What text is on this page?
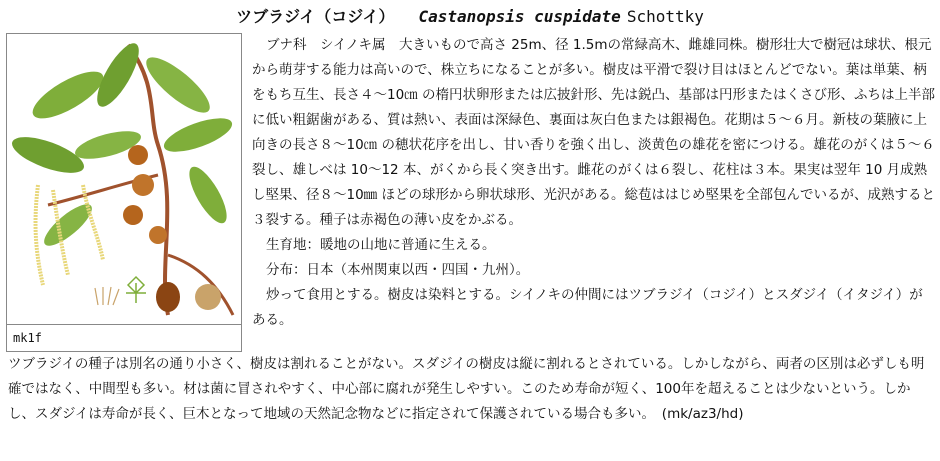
ツブラジイ（コジイ） Castanopsis cuspidate Schottky
mk1f

ブナ科　シイノキ属　大きいもので高さ 25m、径 1.5mの常緑高木、雌雄同株。樹形壮大で樹冠は球状、根元から萌芽する能力は高いので、株立ちになることが多い。樹皮は平滑で裂け目はほとんどでない。葉は単葉、柄をもち互生、長さ４～10㎝ の楕円状卵形または広披針形、先は鋭凸、基部は円形またはくさび形、ふちは上半部に低い粗鋸歯がある、質は熱い、表面は深緑色、裏面は灰白色または銀褐色。花期は５～６月。新枝の葉腋に上向きの長さ８～10㎝ の穂状花序を出し、甘い香りを強く出し、淡黄色の雄花を密につける。雄花のがくは５～６裂し、雄しべは 10～12 本、がくから長く突き出す。雌花のがくは６裂し、花柱は３本。果実は翌年 10 月成熟し堅果、径８～10㎜ ほどの球形から卵状球形、光沢がある。総苞ははじめ堅果を全部包んでいるが、成熟すると３裂する。種子は赤褐色の薄い皮をかぶる。

生育地：暖地の山地に普通に生える。

分布：日本（本州関東以西・四国・九州）。

炒って食用とする。樹皮は染料とする。シイノキの仲間にはツブラジイ（コジイ）とスダジイ（イタジイ）がある。

ツブラジイの種子は別名の通り小さく、樹皮は割れることがない。スダジイの樹皮は縦に割れるとされている。しかしながら、両者の区別は必ずしも明確ではなく、中間型も多い。材は菌に冒されやすく、中心部に腐れが発生しやすい。このため寿命が短く、100年を超えることは少ないという。しかし、スダジイは寿命が長く、巨木となって地域の天然記念物などに指定されて保護されている場合も多い。　(mk/az3/hd)
